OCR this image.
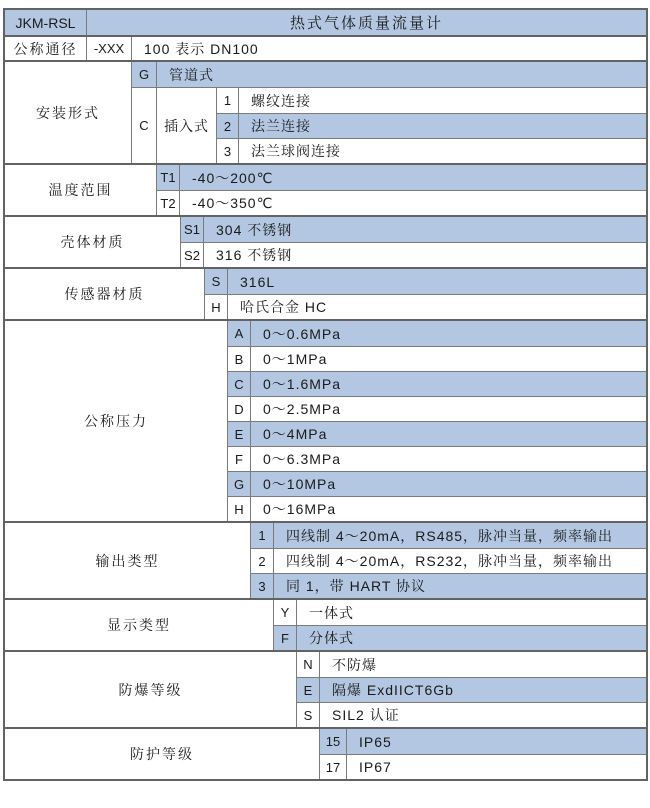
JKM-RSL	热式气体质量流量计
公称通径	-XXX	100 表示 DN100
安装形式
G	管道式
C	插入式
1	螺纹连接
2	法兰连接
3	法兰球阀连接
温度范围
T1	-40～200℃
T2	-40～350℃
壳体材质
S1	304 不锈钢
S2	316 不锈钢
传感器材质
S	316L
H	哈氏合金 HC
公称压力
A	0～0.6MPa
B	0～1MPa
C	0～1.6MPa
D	0～2.5MPa
E	0～4MPa
F	0～6.3MPa
G	0～10MPa
H	0～16MPa
输出类型
1	四线制 4～20mA，RS485，脉冲当量，频率输出
2	四线制 4～20mA，RS232，脉冲当量，频率输出
3	同 1，带 HART 协议
显示类型
Y	一体式
F	分体式
防爆等级
N	不防爆
E	隔爆 ExdIICT6Gb
S	SIL2 认证
防护等级
15	IP65
17	IP67
